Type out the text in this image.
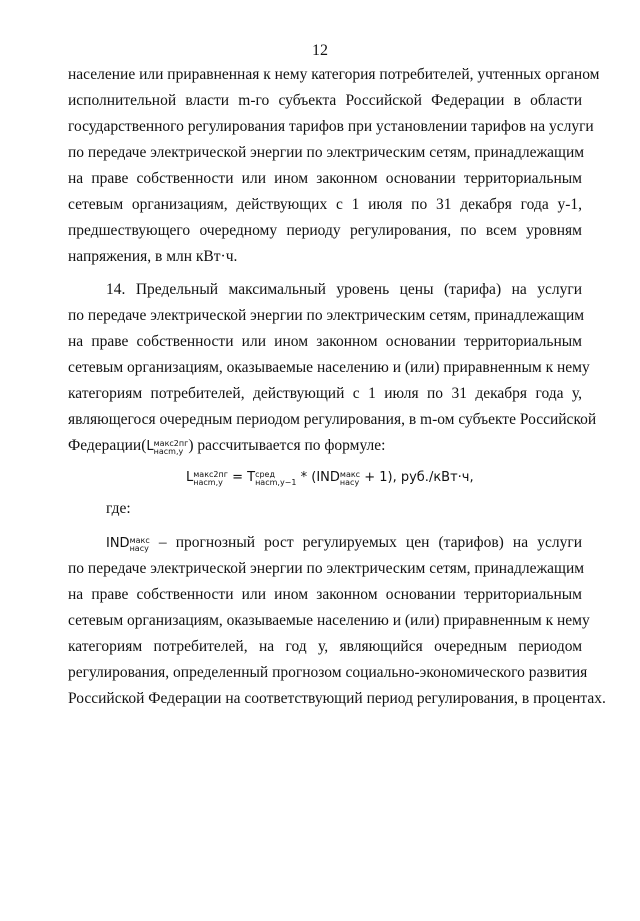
12
население или приравненная к нему категория потребителей, учтенных органом
исполнительной власти m-го субъекта Российской Федерации в области
государственного регулирования тарифов при установлении тарифов на услуги
по передаче электрической энергии по электрическим сетям, принадлежащим
на праве собственности или ином законном основании территориальным
сетевым организациям, действующих с 1 июля по 31 декабря года у-1,
предшествующего очередному периоду регулирования, по всем уровням
напряжения, в млн кВт·ч.
14. Предельный максимальный уровень цены (тарифа) на услуги
по передаче электрической энергии по электрическим сетям, принадлежащим
на праве собственности или ином законном основании территориальным
сетевым организациям, оказываемые населению и (или) приравненным к нему
категориям потребителей, действующий с 1 июля по 31 декабря года у,
являющегося очередным периодом регулирования, в m-ом субъекте Российской
Федерации(L макс2пг
насm,у ) рассчитывается по формуле:
L макс2пг
насm,у = T сред
насm,у−1 * (IND макс
насу + 1), руб./кВт·ч,
где:
IND макс
насу – прогнозный рост регулируемых цен (тарифов) на услуги
по передаче электрической энергии по электрическим сетям, принадлежащим
на праве собственности или ином законном основании территориальным
сетевым организациям, оказываемые населению и (или) приравненным к нему
категориям потребителей, на год у, являющийся очередным периодом
регулирования, определенный прогнозом социально-экономического развития
Российской Федерации на соответствующий период регулирования, в процентах.
